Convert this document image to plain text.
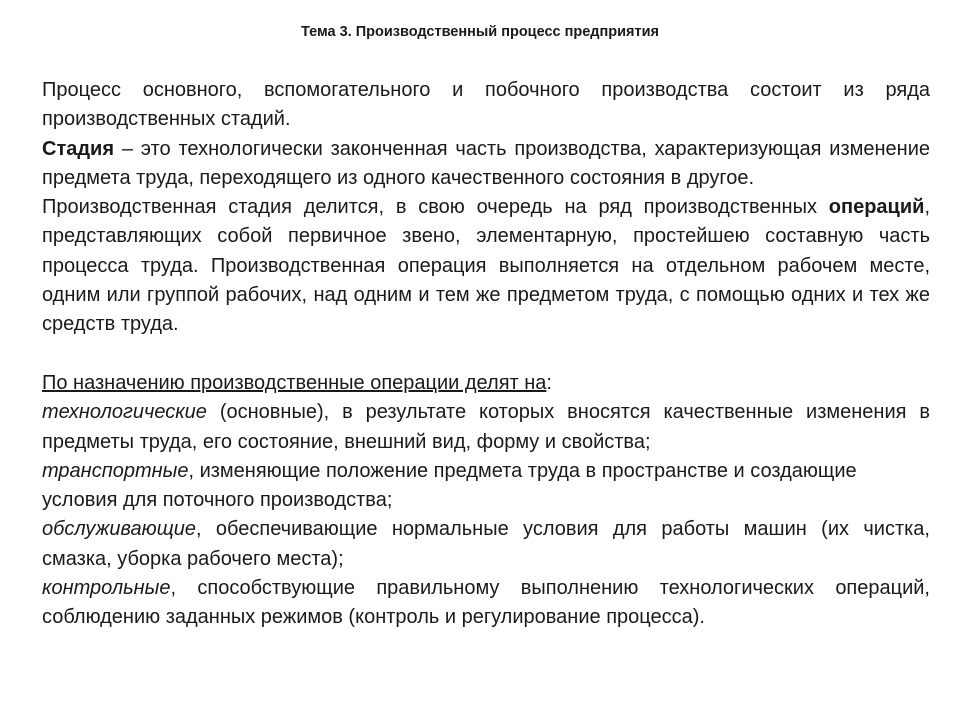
Тема 3. Производственный процесс предприятия

Процесс основного, вспомогательного и побочного производства состоит из ряда производственных стадий.

Стадия – это технологически законченная часть производства, характеризующая изменение предмета труда, переходящего из одного качественного состояния в другое.

Производственная стадия делится, в свою очередь на ряд производственных операций, представляющих собой первичное звено, элементарную, простейшею составную часть процесса труда. Производственная операция выполняется на отдельном рабочем месте, одним или группой рабочих, над одним и тем же предметом труда, с помощью одних и тех же средств труда.

По назначению производственные операции делят на:

технологические (основные), в результате которых вносятся качественные изменения в предметы труда, его состояние, внешний вид, форму и свойства;

транспортные, изменяющие положение предмета труда в пространстве и создающие условия для поточного производства;

обслуживающие, обеспечивающие нормальные условия для работы машин (их чистка, смазка, уборка рабочего места);

контрольные, способствующие правильному выполнению технологических операций, соблюдению заданных режимов (контроль и регулирование процесса).
